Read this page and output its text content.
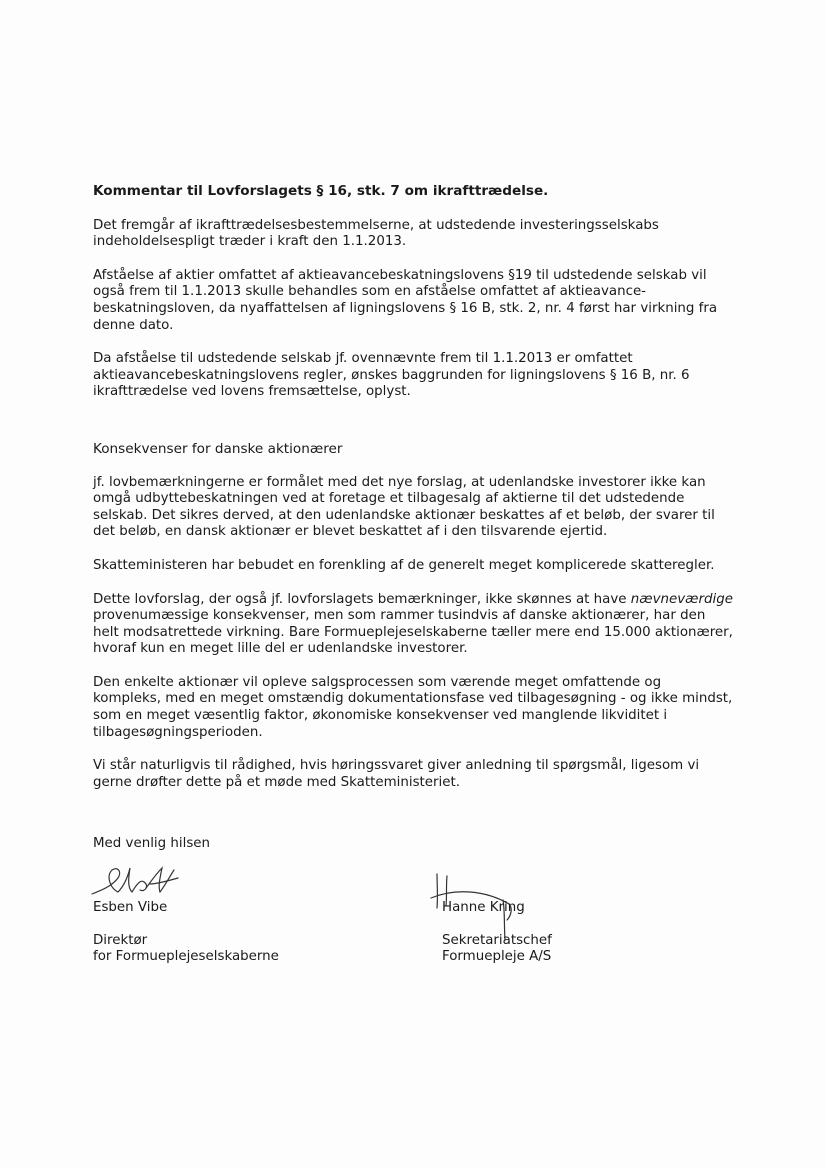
Kommentar til Lovforslagets § 16, stk. 7 om ikrafttrædelse.

Det fremgår af ikrafttrædelsesbestemmelserne, at udstedende investeringsselskabs indeholdelsespligt træder i kraft den 1.1.2013.

Afståelse af aktier omfattet af aktieavancebeskatningslovens §19 til udstedende selskab vil også frem til 1.1.2013 skulle behandles som en afståelse omfattet af aktieavance-beskatningsloven, da nyaffattelsen af ligningslovens § 16 B, stk. 2, nr. 4 først har virkning fra denne dato.

Da afståelse til udstedende selskab jf. ovennævnte frem til 1.1.2013 er omfattet aktieavancebeskatningslovens regler, ønskes baggrunden for ligningslovens § 16 B, nr. 6 ikrafttrædelse ved lovens fremsættelse, oplyst.

Konsekvenser for danske aktionærer

jf. lovbemærkningerne er formålet med det nye forslag, at udenlandske investorer ikke kan omgå udbyttebeskatningen ved at foretage et tilbagesalg af aktierne til det udstedende selskab. Det sikres derved, at den udenlandske aktionær beskattes af et beløb, der svarer til det beløb, en dansk aktionær er blevet beskattet af i den tilsvarende ejertid.

Skatteministeren har bebudet en forenkling af de generelt meget komplicerede skatteregler.

Dette lovforslag, der også jf. lovforslagets bemærkninger, ikke skønnes at have nævneværdige provenumæssige konsekvenser, men som rammer tusindvis af danske aktionærer, har den helt modsatrettede virkning. Bare Formueplejeselskaberne tæller mere end 15.000 aktionærer, hvoraf kun en meget lille del er udenlandske investorer.

Den enkelte aktionær vil opleve salgsprocessen som værende meget omfattende og kompleks, med en meget omstændig dokumentationsfase ved tilbagesøgning - og ikke mindst, som en meget væsentlig faktor, økonomiske konsekvenser ved manglende likviditet i tilbagesøgningsperioden.

Vi står naturligvis til rådighed, hvis høringssvaret giver anledning til spørgsmål, ligesom vi gerne drøfter dette på et møde med Skatteministeriet.

Med venlig hilsen

Esben Vibe
Direktør
for Formueplejeselskaberne
Hanne Kring
Sekretariatschef
Formuepleje A/S
